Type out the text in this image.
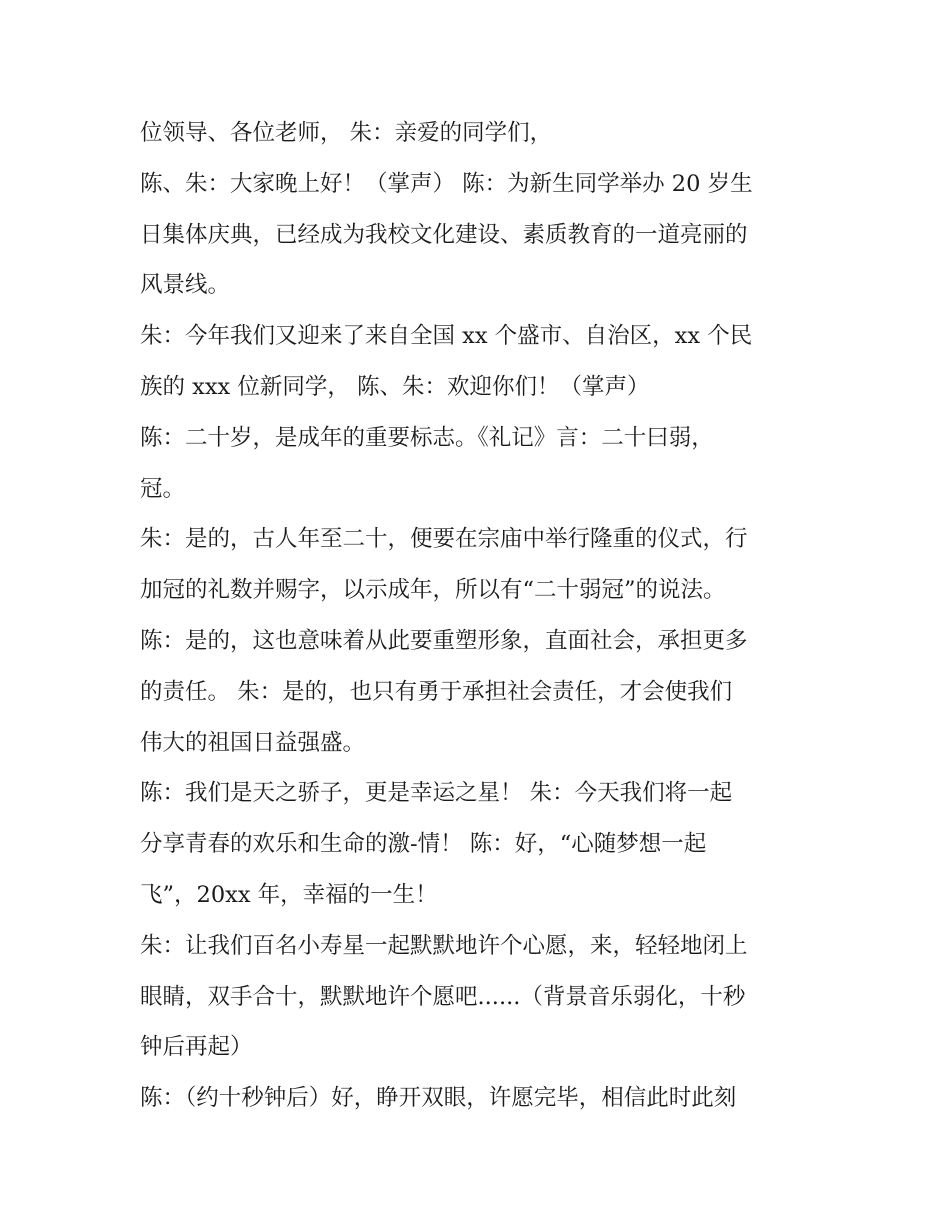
位领导、各位老师， 朱：亲爱的同学们，
陈、朱：大家晚上好！（掌声） 陈：为新生同学举办 20 岁生
日集体庆典，已经成为我校文化建设、素质教育的一道亮丽的
风景线。
朱：今年我们又迎来了来自全国 xx 个盛市、自治区，xx 个民
族的 xxx 位新同学， 陈、朱：欢迎你们！（掌声）
陈：二十岁，是成年的重要标志。《礼记》言：二十曰弱，
冠。
朱：是的，古人年至二十，便要在宗庙中举行隆重的仪式，行
加冠的礼数并赐字，以示成年，所以有“二十弱冠”的说法。
陈：是的，这也意味着从此要重塑形象，直面社会，承担更多
的责任。 朱：是的，也只有勇于承担社会责任，才会使我们
伟大的祖国日益强盛。
陈：我们是天之骄子，更是幸运之星！ 朱：今天我们将一起
分享青春的欢乐和生命的激-情！ 陈：好，“心随梦想一起
飞”，20xx 年，幸福的一生！
朱：让我们百名小寿星一起默默地许个心愿，来，轻轻地闭上
眼睛，双手合十，默默地许个愿吧......（背景音乐弱化，十秒
钟后再起）
陈：（约十秒钟后）好，睁开双眼，许愿完毕，相信此时此刻
